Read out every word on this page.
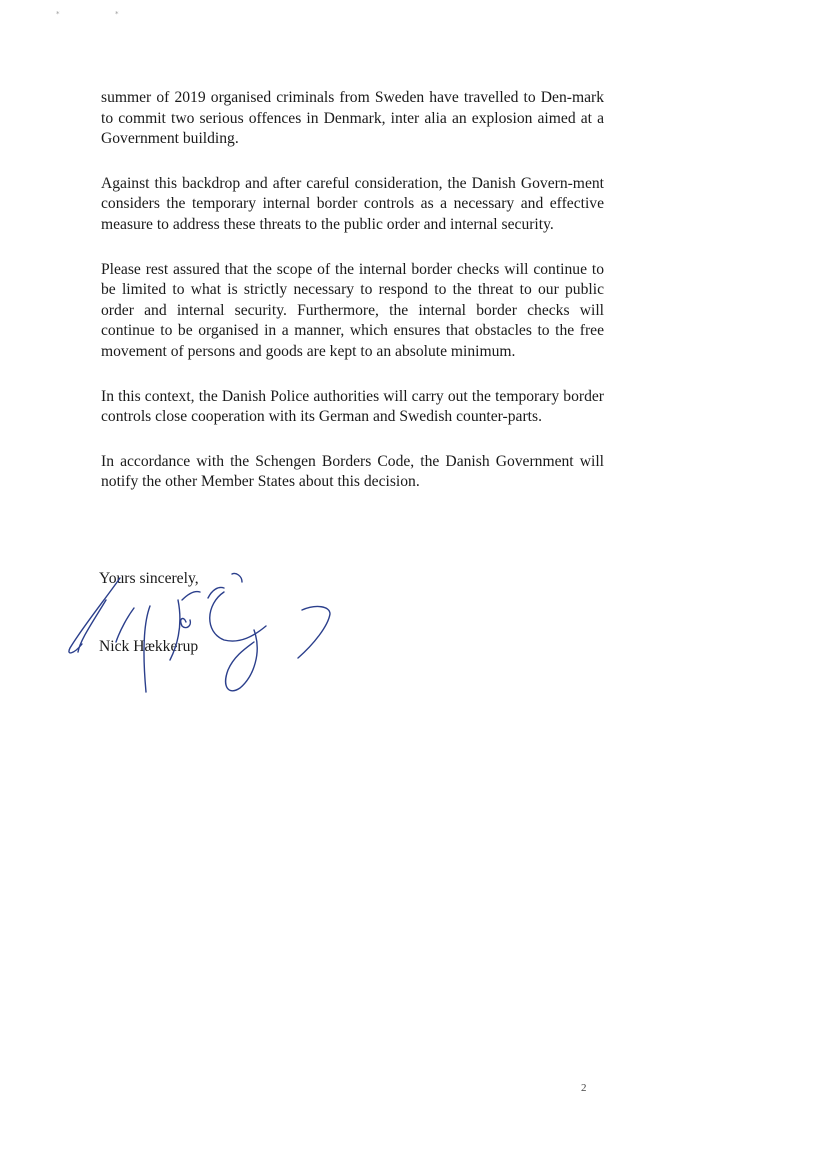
*	*

summer of 2019 organised criminals from Sweden have travelled to Den-mark to commit two serious offences in Denmark, inter alia an explosion aimed at a Government building.

Against this backdrop and after careful consideration, the Danish Govern-ment considers the temporary internal border controls as a necessary and effective measure to address these threats to the public order and internal security.

Please rest assured that the scope of the internal border checks will continue to be limited to what is strictly necessary to respond to the threat to our public order and internal security. Furthermore, the internal border checks will continue to be organised in a manner, which ensures that obstacles to the free movement of persons and goods are kept to an absolute minimum.

In this context, the Danish Police authorities will carry out the temporary border controls close cooperation with its German and Swedish counter-parts.

In accordance with the Schengen Borders Code, the Danish Government will notify the other Member States about this decision.

Yours sincerely,

Nick Hækkerup

2
